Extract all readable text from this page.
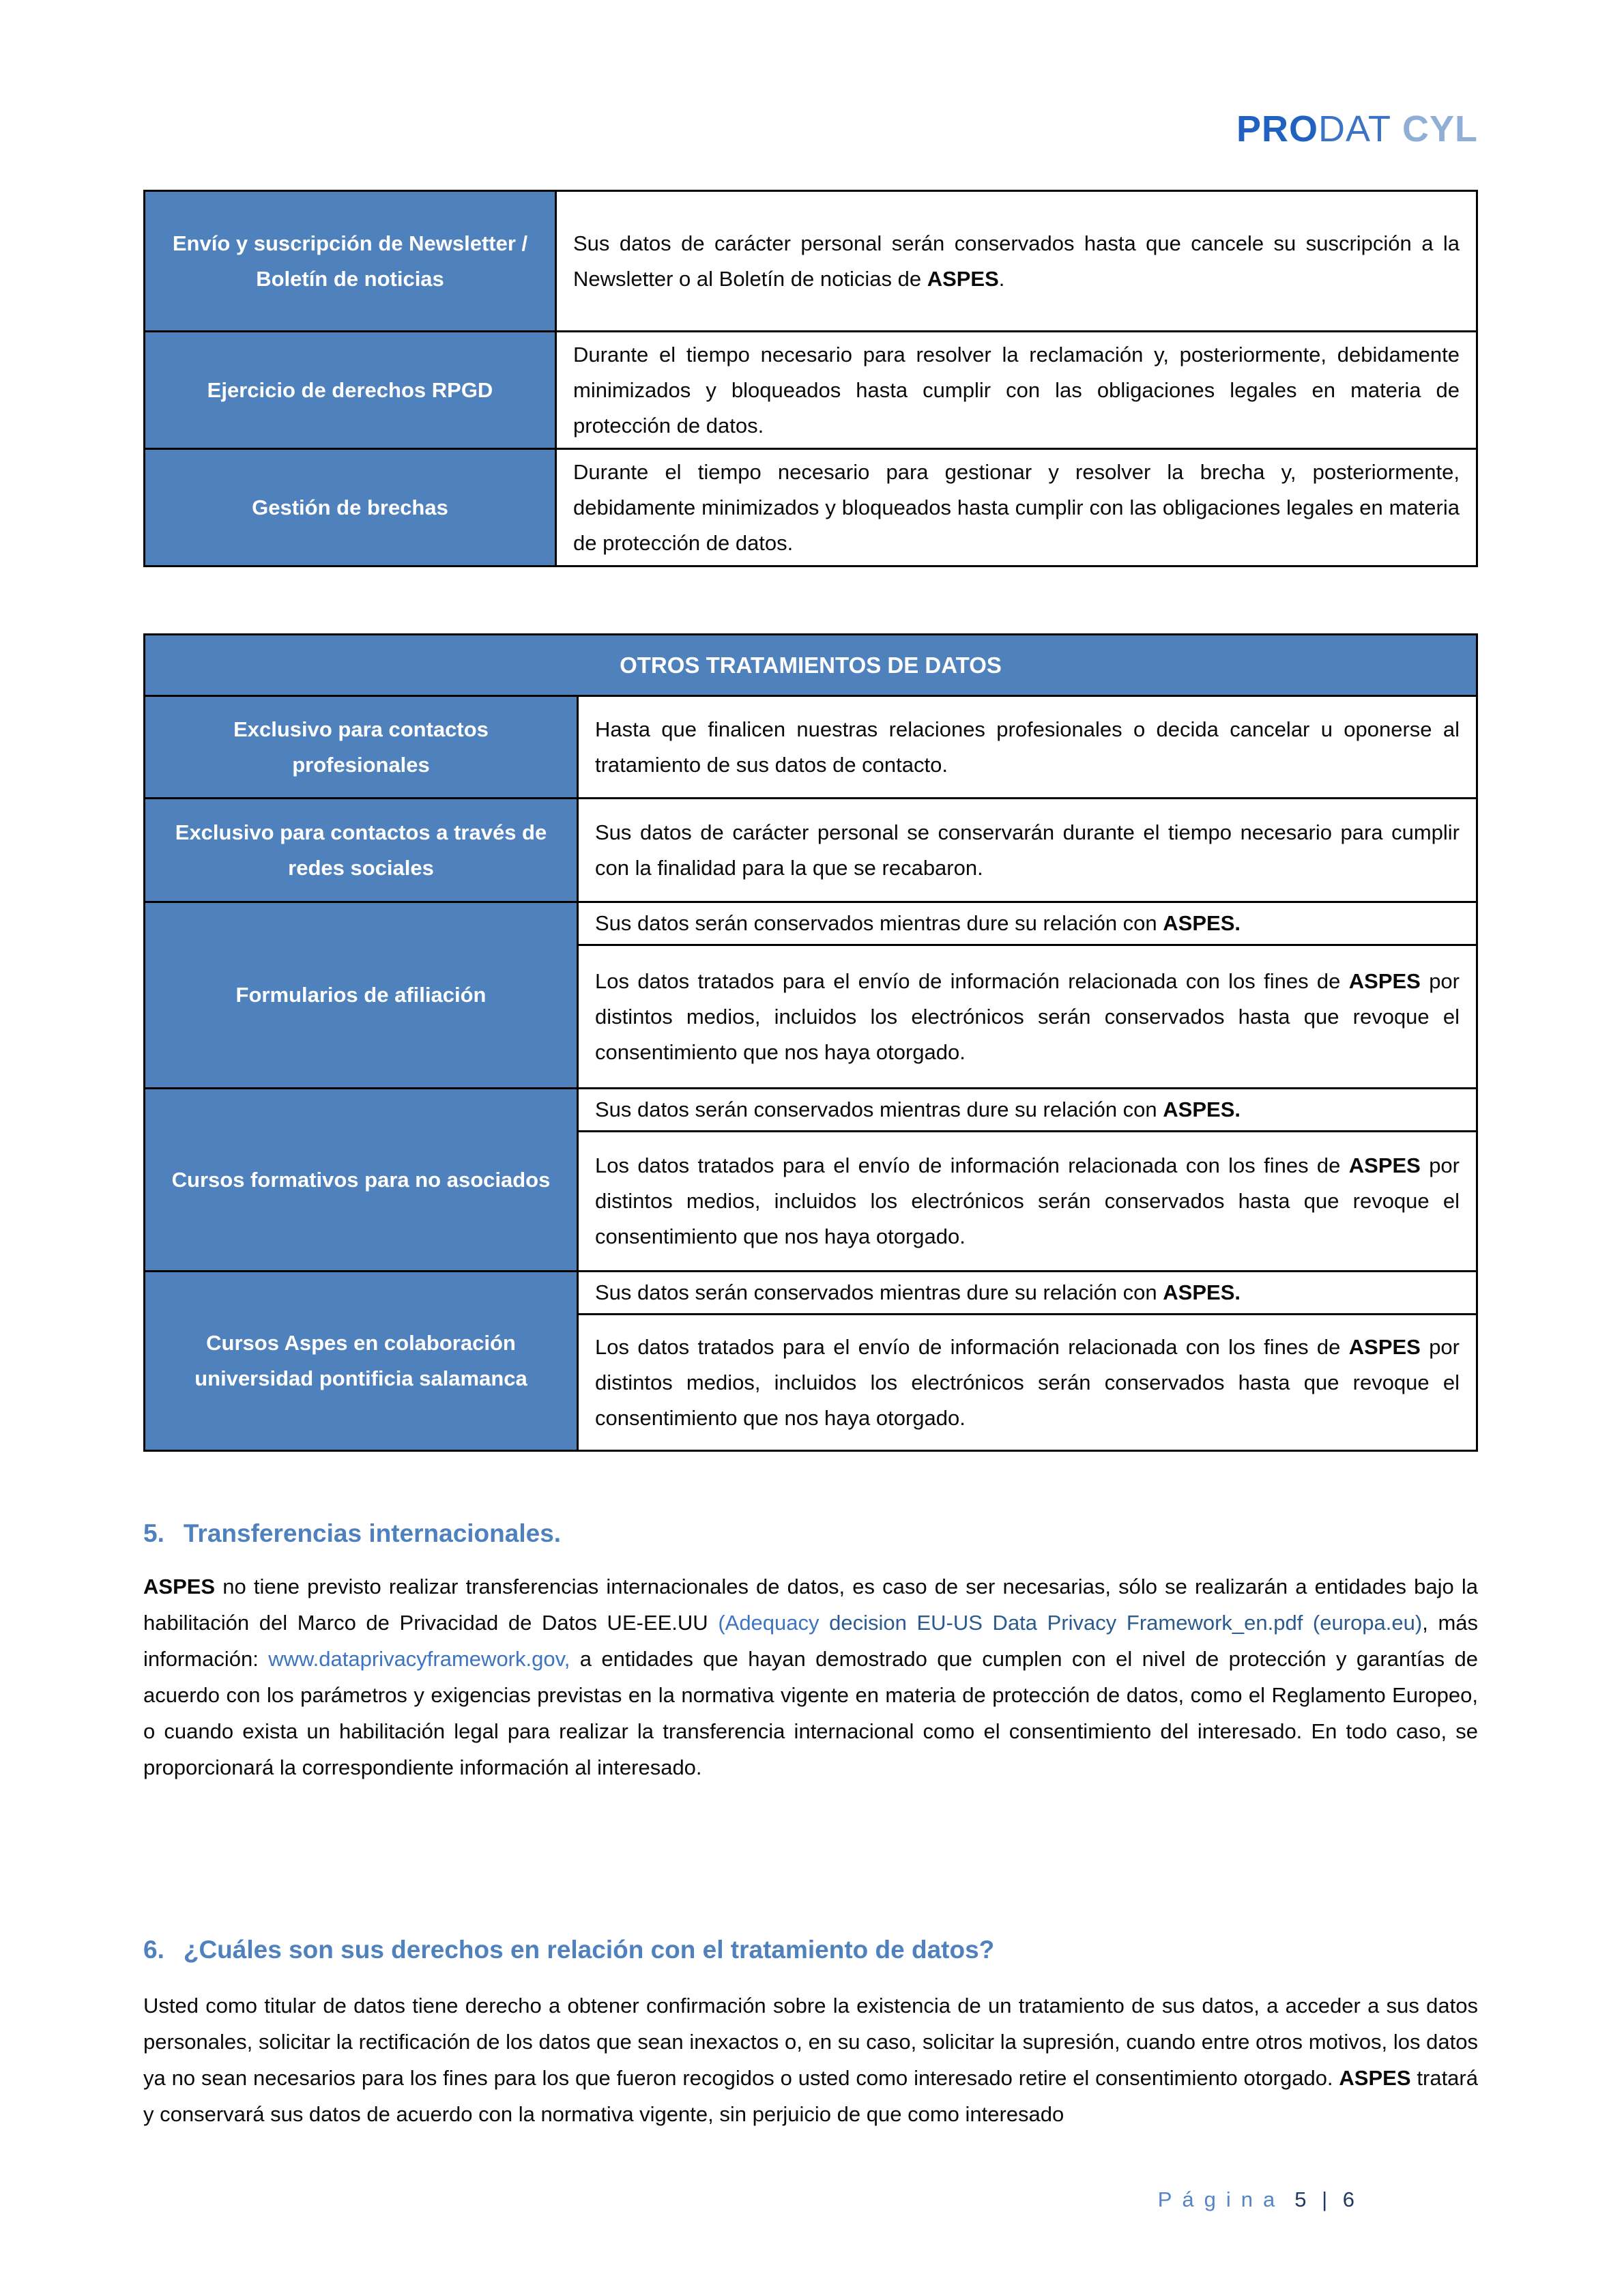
PRODAT CYL
Envío y suscripción de Newsletter / Boletín de noticias	Sus datos de carácter personal serán conservados hasta que cancele su suscripción a la Newsletter o al Boletín de noticias de ASPES.
Ejercicio de derechos RPGD	Durante el tiempo necesario para resolver la reclamación y, posteriormente, debidamente minimizados y bloqueados hasta cumplir con las obligaciones legales en materia de protección de datos.
Gestión de brechas	Durante el tiempo necesario para gestionar y resolver la brecha y, posteriormente, debidamente minimizados y bloqueados hasta cumplir con las obligaciones legales en materia de protección de datos.
OTROS TRATAMIENTOS DE DATOS	
Exclusivo para contactos profesionales	Hasta que finalicen nuestras relaciones profesionales o decida cancelar u oponerse al tratamiento de sus datos de contacto.
Exclusivo para contactos a través de redes sociales	Sus datos de carácter personal se conservarán durante el tiempo necesario para cumplir con la finalidad para la que se recabaron.
Formularios de afiliación	Sus datos serán conservados mientras dure su relación con ASPES.
	Los datos tratados para el envío de información relacionada con los fines de ASPES por distintos medios, incluidos los electrónicos serán conservados hasta que revoque el consentimiento que nos haya otorgado.
Cursos formativos para no asociados	Sus datos serán conservados mientras dure su relación con ASPES.
	Los datos tratados para el envío de información relacionada con los fines de ASPES por distintos medios, incluidos los electrónicos serán conservados hasta que revoque el consentimiento que nos haya otorgado.
Cursos Aspes en colaboración universidad pontificia salamanca	Sus datos serán conservados mientras dure su relación con ASPES.
	Los datos tratados para el envío de información relacionada con los fines de ASPES por distintos medios, incluidos los electrónicos serán conservados hasta que revoque el consentimiento que nos haya otorgado.
5. Transferencias internacionales.
ASPES no tiene previsto realizar transferencias internacionales de datos, es caso de ser necesarias, sólo se realizarán a entidades bajo la habilitación del Marco de Privacidad de Datos UE-EE.UU (Adequacy decision EU-US Data Privacy Framework_en.pdf (europa.eu), más información: www.dataprivacyframework.gov, a entidades que hayan demostrado que cumplen con el nivel de protección y garantías de acuerdo con los parámetros y exigencias previstas en la normativa vigente en materia de protección de datos, como el Reglamento Europeo, o cuando exista un habilitación legal para realizar la transferencia internacional como el consentimiento del interesado. En todo caso, se proporcionará la correspondiente información al interesado.
6. ¿Cuáles son sus derechos en relación con el tratamiento de datos?
Usted como titular de datos tiene derecho a obtener confirmación sobre la existencia de un tratamiento de sus datos, a acceder a sus datos personales, solicitar la rectificación de los datos que sean inexactos o, en su caso, solicitar la supresión, cuando entre otros motivos, los datos ya no sean necesarios para los fines para los que fueron recogidos o usted como interesado retire el consentimiento otorgado. ASPES tratará y conservará sus datos de acuerdo con la normativa vigente, sin perjuicio de que como interesado
Página 5 | 6
